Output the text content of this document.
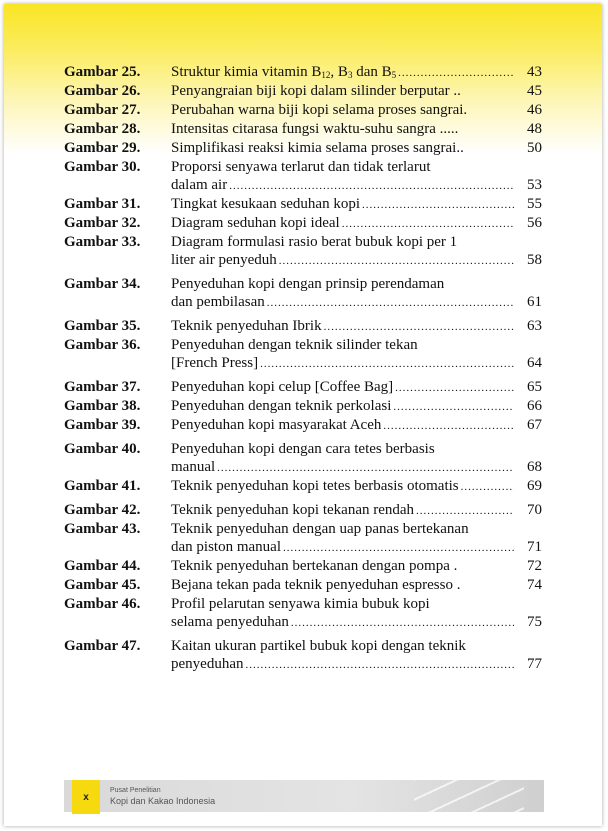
Gambar 25.	Struktur kimia vitamin $B_{12}$, $B_3$ dan $B_5$ .....	43
Gambar 26.	Penyangraian biji kopi dalam silinder berputar ..	45
Gambar 27.	Perubahan warna biji kopi selama proses sangrai.	46
Gambar 28.	Intensitas citarasa fungsi waktu-suhu sangra .....	48
Gambar 29.	Simplifikasi reaksi kimia selama proses sangrai..	50
Gambar 30.	Proporsi senyawa terlarut dan tidak terlarut
dalam air .....	53
Gambar 31.	Tingkat kesukaan seduhan kopi .....	55
Gambar 32.	Diagram seduhan kopi ideal .....	56
Gambar 33.	Diagram formulasi rasio berat bubuk kopi per 1
liter air penyeduh .....	58
Gambar 34.	Penyeduhan kopi dengan prinsip perendaman
dan pembilasan .....	61
Gambar 35.	Teknik penyeduhan Ibrik .....	63
Gambar 36.	Penyeduhan dengan teknik silinder tekan
[French Press] .....	64
Gambar 37.	Penyeduhan kopi celup [Coffee Bag] .....	65
Gambar 38.	Penyeduhan dengan teknik perkolasi .....	66
Gambar 39.	Penyeduhan kopi masyarakat Aceh .....	67
Gambar 40.	Penyeduhan kopi dengan cara tetes berbasis
manual .....	68
Gambar 41.	Teknik penyeduhan kopi tetes berbasis otomatis .....	69
Gambar 42.	Teknik penyeduhan kopi tekanan rendah .....	70
Gambar 43.	Teknik penyeduhan dengan uap panas bertekanan
dan piston manual .....	71
Gambar 44.	Teknik penyeduhan bertekanan dengan pompa .	72
Gambar 45.	Bejana tekan pada teknik penyeduhan espresso .	74
Gambar 46.	Profil pelarutan senyawa kimia bubuk kopi
selama penyeduhan .....	75
Gambar 47.	Kaitan ukuran partikel bubuk kopi dengan teknik
penyeduhan .....	77
x
Pusat Penelitian
Kopi dan Kakao Indonesia
